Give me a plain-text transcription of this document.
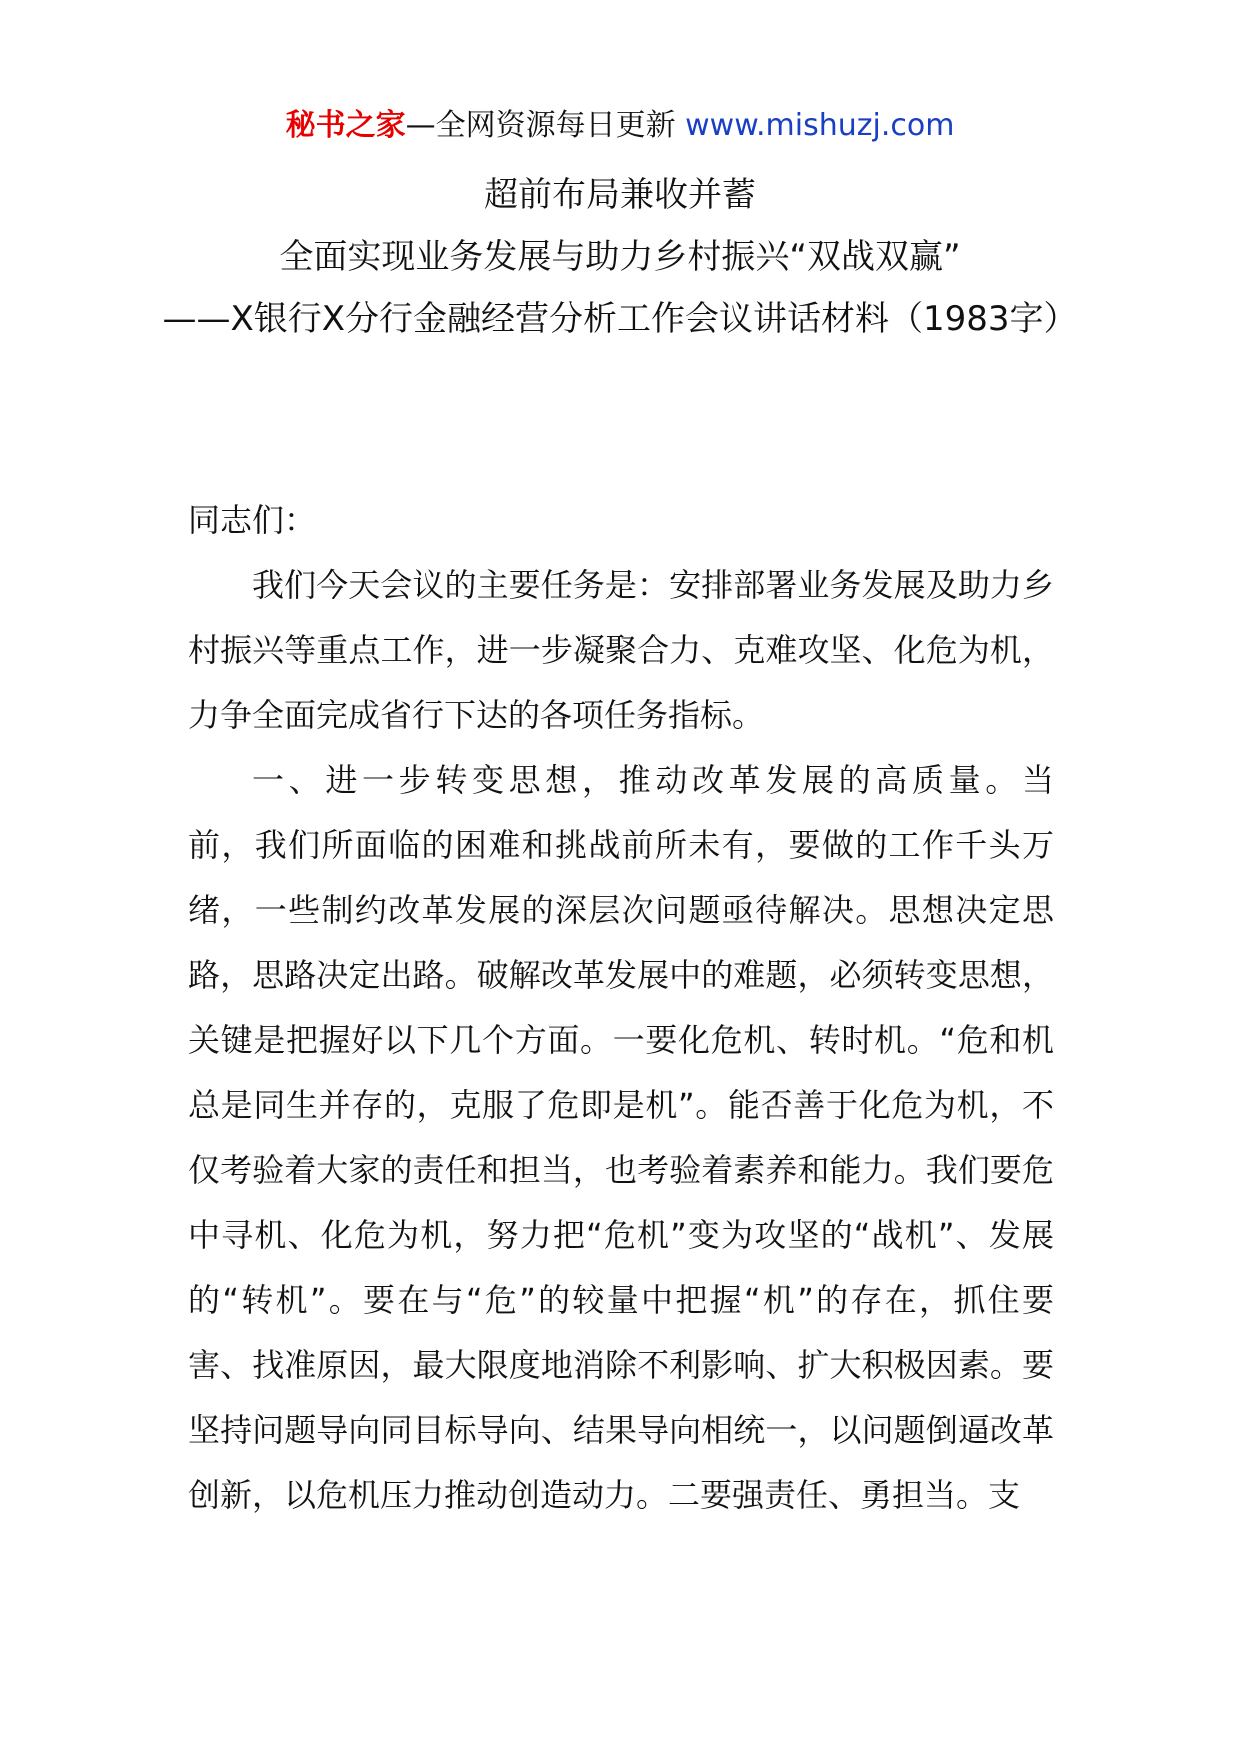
秘书之家—全网资源每日更新 www.mishuzj.com
超前布局兼收并蓄
全面实现业务发展与助力乡村振兴“双战双赢”
——X银行X分行金融经营分析工作会议讲话材料（1983字）

同志们：

我们今天会议的主要任务是：安排部署业务发展及助力乡村振兴等重点工作，进一步凝聚合力、克难攻坚、化危为机，力争全面完成省行下达的各项任务指标。

一、进一步转变思想，推动改革发展的高质量。当前，我们所面临的困难和挑战前所未有，要做的工作千头万绪，一些制约改革发展的深层次问题亟待解决。思想决定思路，思路决定出路。破解改革发展中的难题，必须转变思想，关键是把握好以下几个方面。一要化危机、转时机。“危和机总是同生并存的，克服了危即是机”。能否善于化危为机，不仅考验着大家的责任和担当，也考验着素养和能力。我们要危中寻机、化危为机，努力把“危机”变为攻坚的“战机”、发展的“转机”。要在与“危”的较量中把握“机”的存在，抓住要害、找准原因，最大限度地消除不利影响、扩大积极因素。要坚持问题导向同目标导向、结果导向相统一，以问题倒逼改革创新，以危机压力推动创造动力。二要强责任、勇担当。支
